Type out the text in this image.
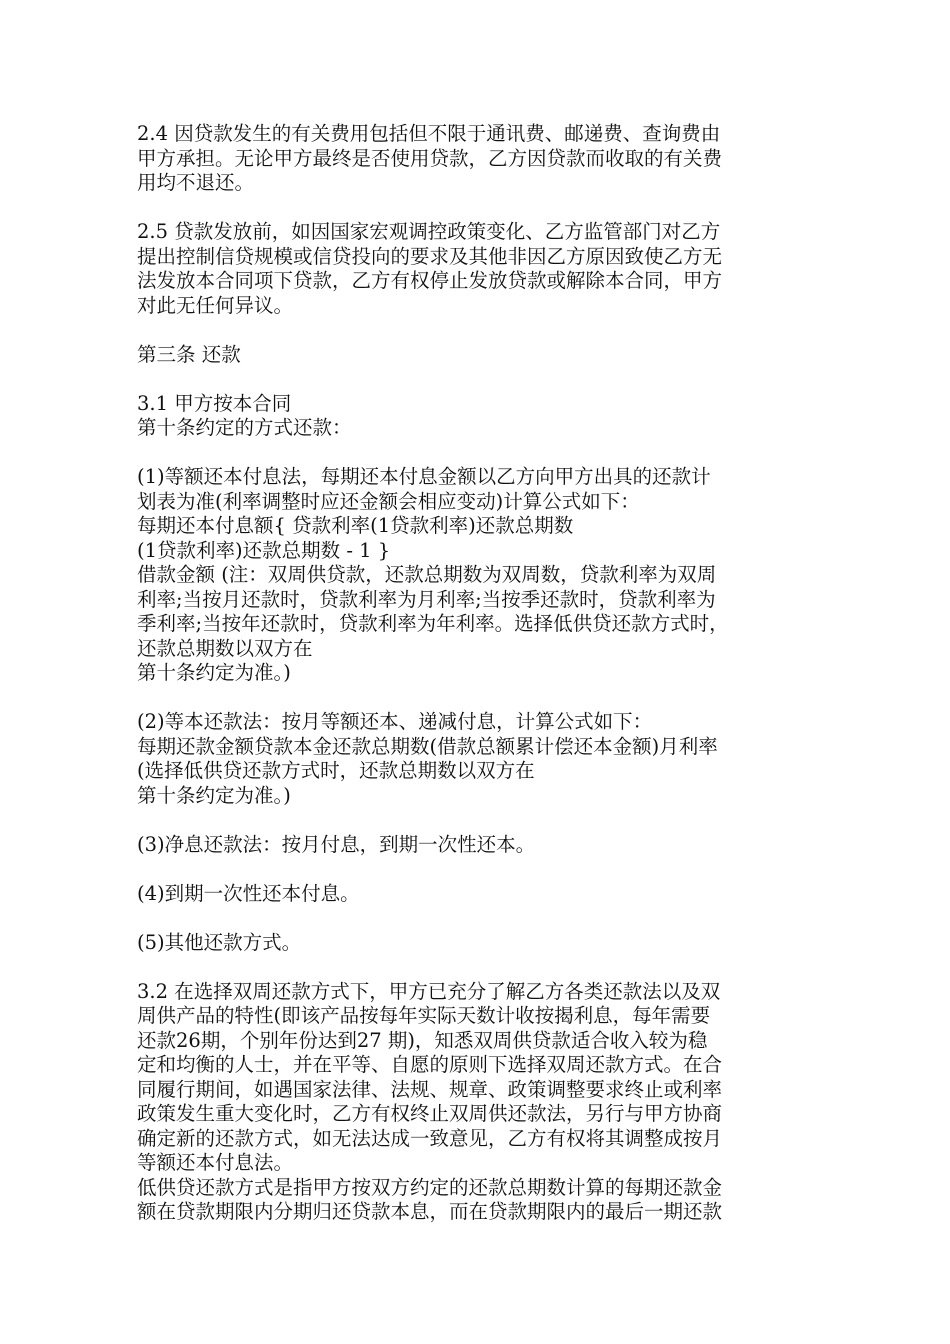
2.4 因贷款发生的有关费用包括但不限于通讯费、邮递费、查询费由
甲方承担。无论甲方最终是否使用贷款，乙方因贷款而收取的有关费
用均不退还。
2.5 贷款发放前，如因国家宏观调控政策变化、乙方监管部门对乙方
提出控制信贷规模或信贷投向的要求及其他非因乙方原因致使乙方无
法发放本合同项下贷款，乙方有权停止发放贷款或解除本合同，甲方
对此无任何异议。
第三条 还款
3.1 甲方按本合同
第十条约定的方式还款：
(1)等额还本付息法，每期还本付息金额以乙方向甲方出具的还款计
划表为准(利率调整时应还金额会相应变动)计算公式如下：
每期还本付息额{ 贷款利率(1贷款利率)还款总期数
(1贷款利率)还款总期数 - 1 }
借款金额 (注：双周供贷款，还款总期数为双周数，贷款利率为双周
利率;当按月还款时，贷款利率为月利率;当按季还款时，贷款利率为
季利率;当按年还款时，贷款利率为年利率。选择低供贷还款方式时，
还款总期数以双方在
第十条约定为准。)
(2)等本还款法：按月等额还本、递减付息，计算公式如下：
每期还款金额贷款本金还款总期数(借款总额累计偿还本金额)月利率
(选择低供贷还款方式时，还款总期数以双方在
第十条约定为准。)
(3)净息还款法：按月付息，到期一次性还本。
(4)到期一次性还本付息。
(5)其他还款方式。
3.2 在选择双周还款方式下，甲方已充分了解乙方各类还款法以及双
周供产品的特性(即该产品按每年实际天数计收按揭利息，每年需要
还款26期，个别年份达到27 期)，知悉双周供贷款适合收入较为稳
定和均衡的人士，并在平等、自愿的原则下选择双周还款方式。在合
同履行期间，如遇国家法律、法规、规章、政策调整要求终止或利率
政策发生重大变化时，乙方有权终止双周供还款法，另行与甲方协商
确定新的还款方式，如无法达成一致意见，乙方有权将其调整成按月
等额还本付息法。
低供贷还款方式是指甲方按双方约定的还款总期数计算的每期还款金
额在贷款期限内分期归还贷款本息，而在贷款期限内的最后一期还款
